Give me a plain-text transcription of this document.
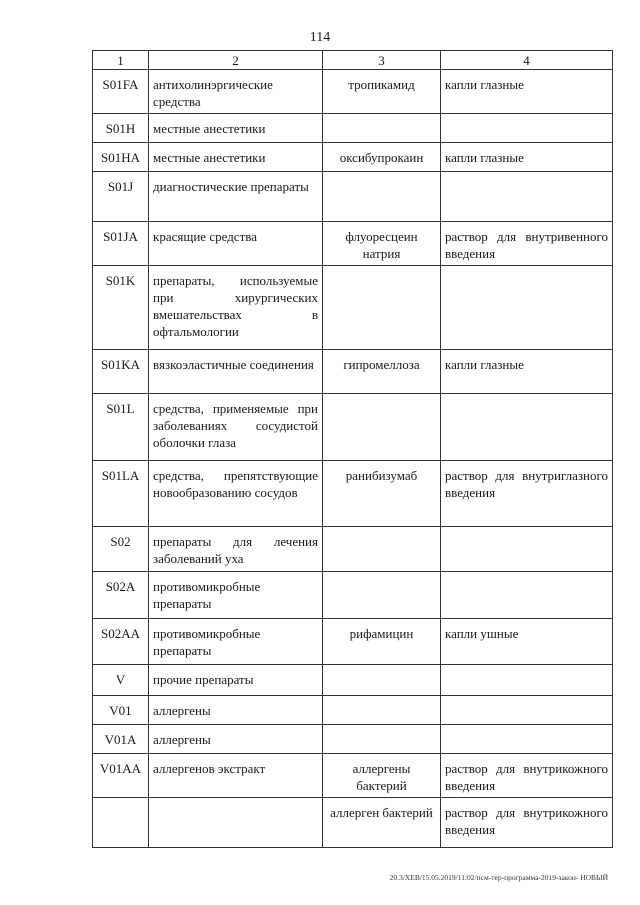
114
1	2	3	4
S01FA	антихолинэргические средства	тропикамид	капли глазные
S01H	местные анестетики		
S01HA	местные анестетики	оксибупрокаин	капли глазные
S01J	диагностические препараты		
S01JA	красящие средства	флуоресцеин натрия	раствор для внутривенного введения
S01K	препараты, используемые при хирургических вмешательствах в офтальмологии		
S01KA	вязкоэластичные соединения	гипромеллоза	капли глазные
S01L	средства, применяемые при заболеваниях сосудистой оболочки глаза		
S01LA	средства, препятствующие новообразованию сосудов	ранибизумаб	раствор для внутриглазного введения
S02	препараты для лечения заболеваний уха		
S02A	противомикробные препараты		
S02AA	противомикробные препараты	рифамицин	капли ушные
V	прочие препараты		
V01	аллергены		
V01A	аллергены		
V01AA	аллергенов экстракт	аллергены бактерий	раствор для внутрикожного введения
		аллерген бактерий	раствор для внутрикожного введения
20.3/ХЕВ/15.05.2019/11:02/псм-тер-программа-2019-закон- НОВЫЙ
